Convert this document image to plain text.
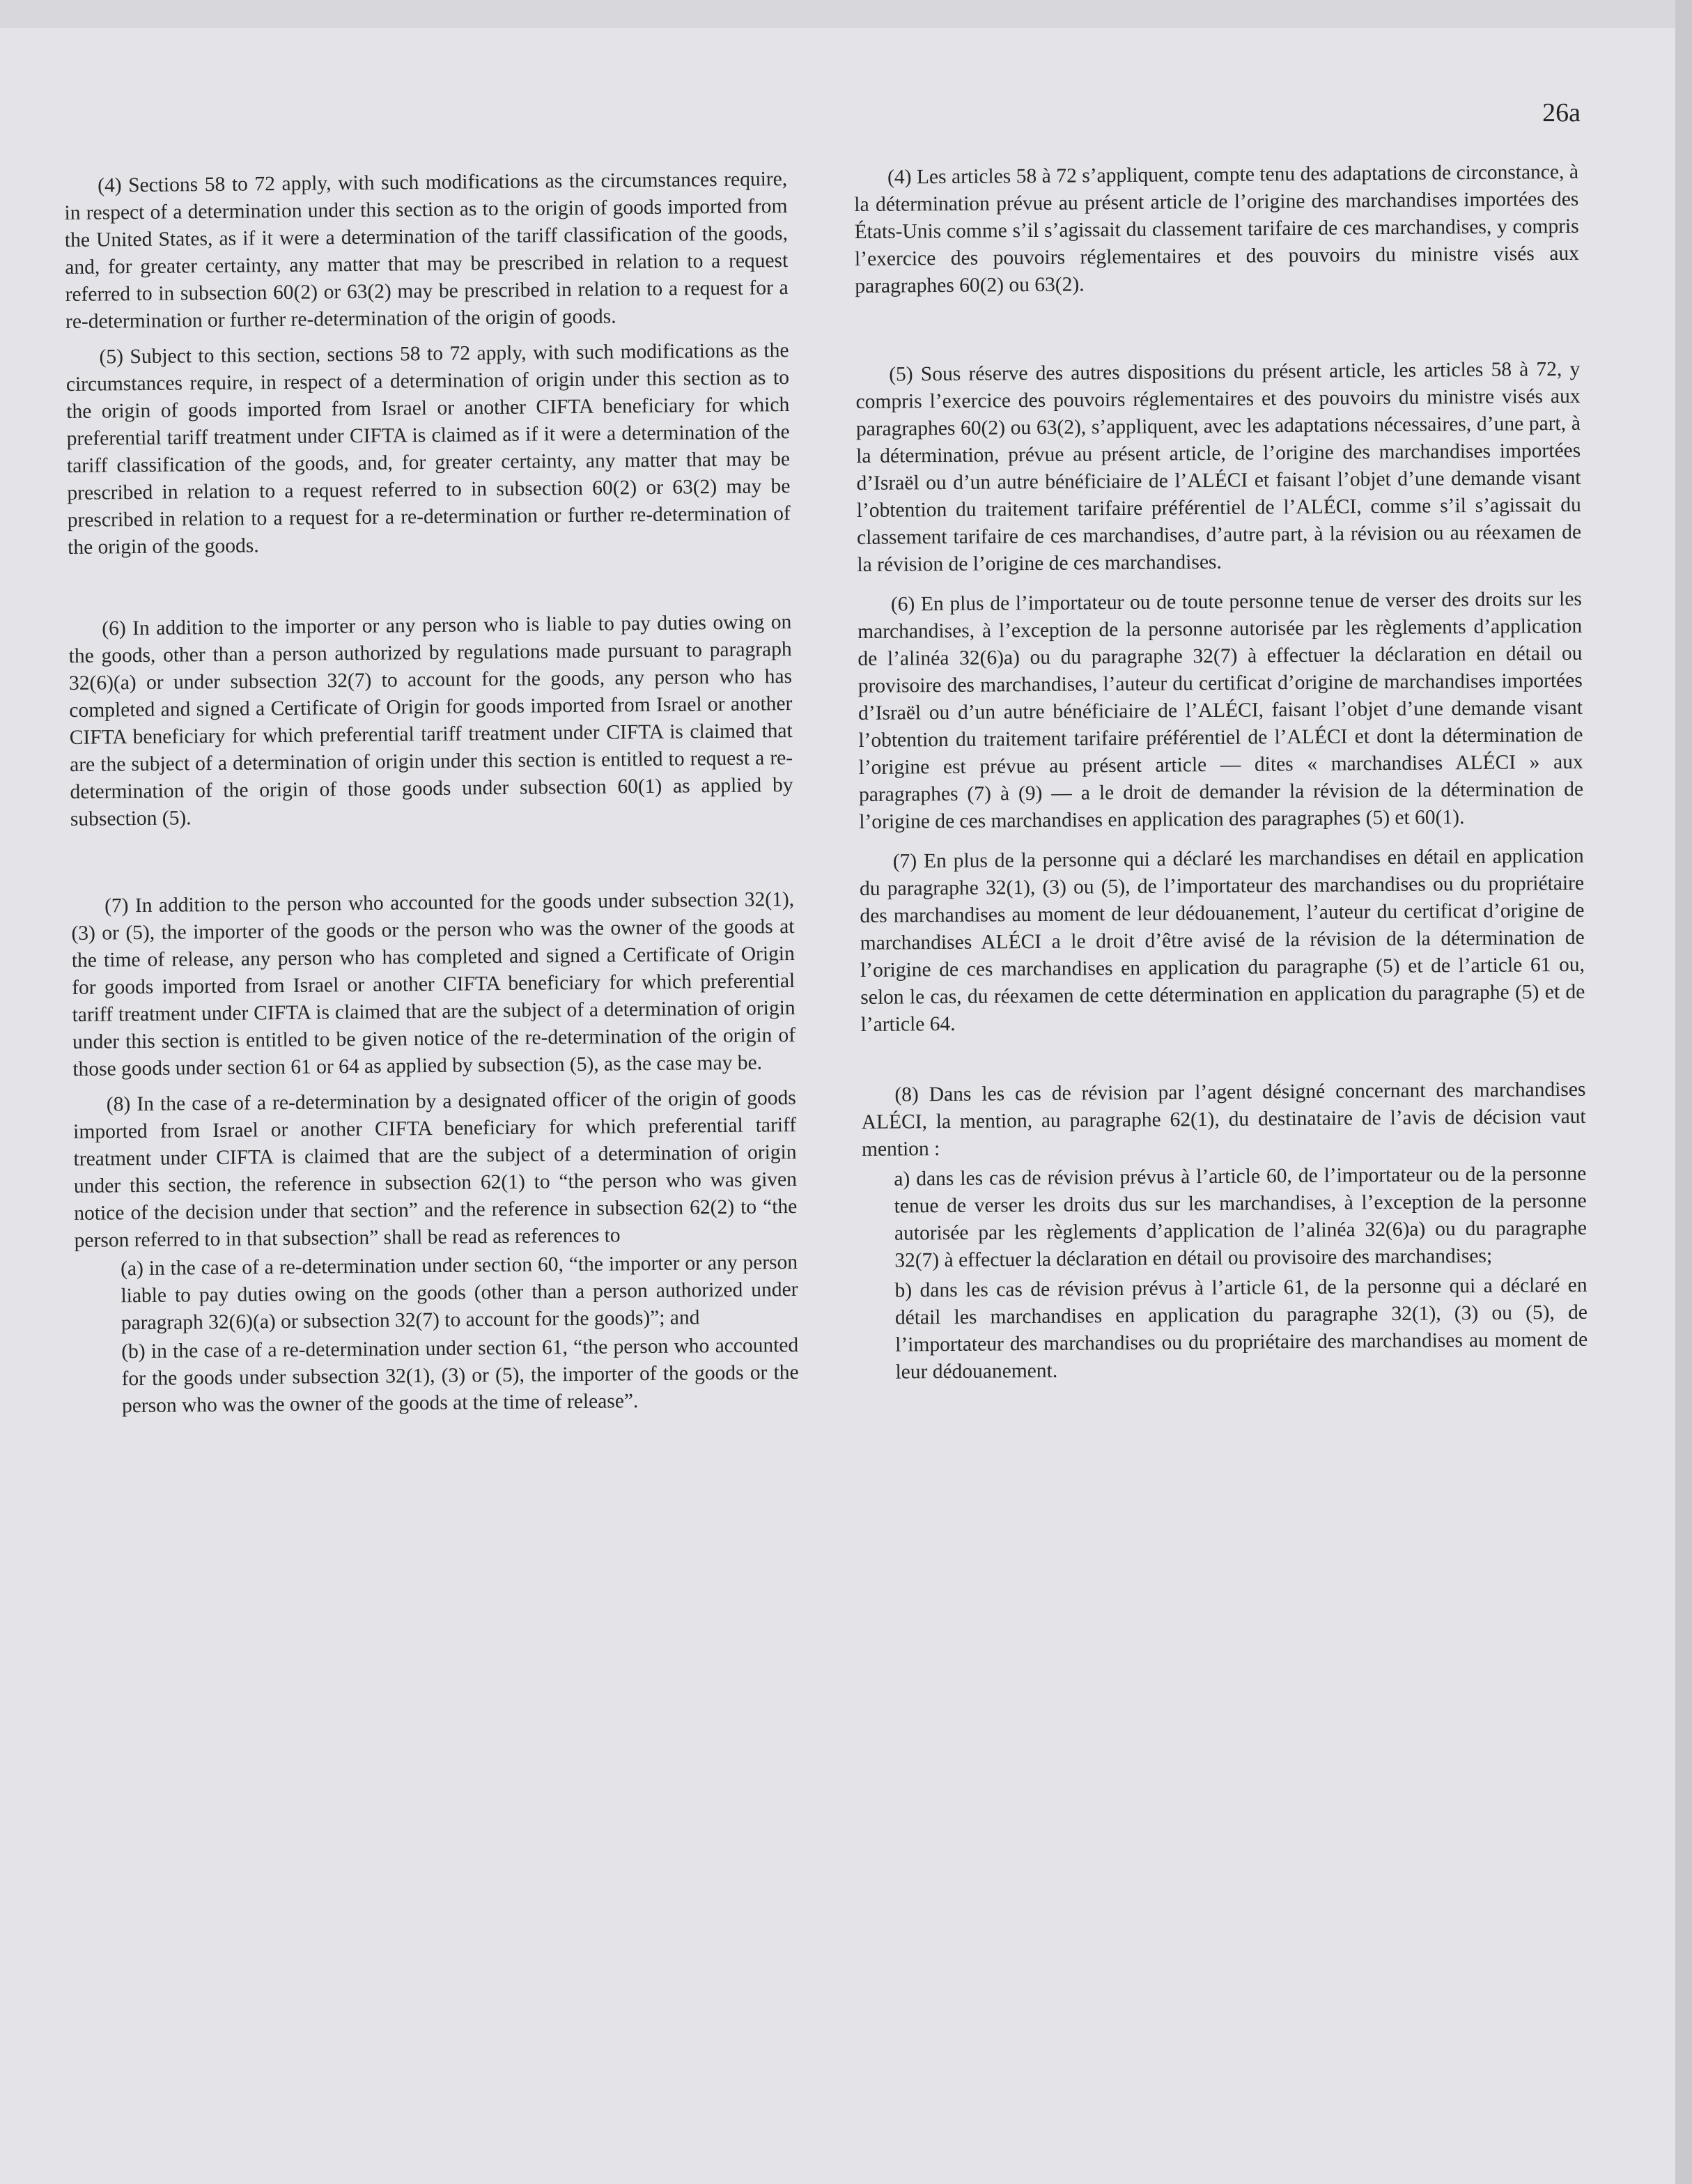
26a

(4) Sections 58 to 72 apply, with such modifications as the circumstances require, in respect of a determination under this section as to the origin of goods imported from the United States, as if it were a determination of the tariff classification of the goods, and, for greater certainty, any matter that may be prescribed in relation to a request referred to in subsection 60(2) or 63(2) may be prescribed in relation to a request for a re-determination or further re-determination of the origin of goods.

(5) Subject to this section, sections 58 to 72 apply, with such modifications as the circumstances require, in respect of a determination of origin under this section as to the origin of goods imported from Israel or another CIFTA beneficiary for which preferential tariff treatment under CIFTA is claimed as if it were a determination of the tariff classification of the goods, and, for greater certainty, any matter that may be prescribed in relation to a request referred to in subsection 60(2) or 63(2) may be prescribed in relation to a request for a re-determination or further re-determination of the origin of the goods.

(6) In addition to the importer or any person who is liable to pay duties owing on the goods, other than a person authorized by regulations made pursuant to paragraph 32(6)(a) or under subsection 32(7) to account for the goods, any person who has completed and signed a Certificate of Origin for goods imported from Israel or another CIFTA beneficiary for which preferential tariff treatment under CIFTA is claimed that are the subject of a determination of origin under this section is entitled to request a re-determination of the origin of those goods under subsection 60(1) as applied by subsection (5).

(7) In addition to the person who accounted for the goods under subsection 32(1), (3) or (5), the importer of the goods or the person who was the owner of the goods at the time of release, any person who has completed and signed a Certificate of Origin for goods imported from Israel or another CIFTA beneficiary for which preferential tariff treatment under CIFTA is claimed that are the subject of a determination of origin under this section is entitled to be given notice of the re-determination of the origin of those goods under section 61 or 64 as applied by subsection (5), as the case may be.

(8) In the case of a re-determination by a designated officer of the origin of goods imported from Israel or another CIFTA beneficiary for which preferential tariff treatment under CIFTA is claimed that are the subject of a determination of origin under this section, the reference in subsection 62(1) to “the person who was given notice of the decision under that section” and the reference in subsection 62(2) to “the person referred to in that subsection” shall be read as references to

(a) in the case of a re-determination under section 60, “the importer or any person liable to pay duties owing on the goods (other than a person authorized under paragraph 32(6)(a) or subsection 32(7) to account for the goods)”; and

(b) in the case of a re-determination under section 61, “the person who accounted for the goods under subsection 32(1), (3) or (5), the importer of the goods or the person who was the owner of the goods at the time of release”.

(4) Les articles 58 à 72 s’appliquent, compte tenu des adaptations de circonstance, à la détermination prévue au présent article de l’origine des marchandises importées des États-Unis comme s’il s’agissait du classement tarifaire de ces marchandises, y compris l’exercice des pouvoirs réglementaires et des pouvoirs du ministre visés aux paragraphes 60(2) ou 63(2).

(5) Sous réserve des autres dispositions du présent article, les articles 58 à 72, y compris l’exercice des pouvoirs réglementaires et des pouvoirs du ministre visés aux paragraphes 60(2) ou 63(2), s’appliquent, avec les adaptations nécessaires, d’une part, à la détermination, prévue au présent article, de l’origine des marchandises importées d’Israël ou d’un autre bénéficiaire de l’ALÉCI et faisant l’objet d’une demande visant l’obtention du traitement tarifaire préférentiel de l’ALÉCI, comme s’il s’agissait du classement tarifaire de ces marchandises, d’autre part, à la révision ou au réexamen de la révision de l’origine de ces marchandises.

(6) En plus de l’importateur ou de toute personne tenue de verser des droits sur les marchandises, à l’exception de la personne autorisée par les règlements d’application de l’alinéa 32(6)a) ou du paragraphe 32(7) à effectuer la déclaration en détail ou provisoire des marchandises, l’auteur du certificat d’origine de marchandises importées d’Israël ou d’un autre bénéficiaire de l’ALÉCI, faisant l’objet d’une demande visant l’obtention du traitement tarifaire préférentiel de l’ALÉCI et dont la détermination de l’origine est prévue au présent article — dites « marchandises ALÉCI » aux paragraphes (7) à (9) — a le droit de demander la révision de la détermination de l’origine de ces marchandises en application des paragraphes (5) et 60(1).

(7) En plus de la personne qui a déclaré les marchandises en détail en application du paragraphe 32(1), (3) ou (5), de l’importateur des marchandises ou du propriétaire des marchandises au moment de leur dédouanement, l’auteur du certificat d’origine de marchandises ALÉCI a le droit d’être avisé de la révision de la détermination de l’origine de ces marchandises en application du paragraphe (5) et de l’article 61 ou, selon le cas, du réexamen de cette détermination en application du paragraphe (5) et de l’article 64.

(8) Dans les cas de révision par l’agent désigné concernant des marchandises ALÉCI, la mention, au paragraphe 62(1), du destinataire de l’avis de décision vaut mention :

a) dans les cas de révision prévus à l’article 60, de l’importateur ou de la personne tenue de verser les droits dus sur les marchandises, à l’exception de la personne autorisée par les règlements d’application de l’alinéa 32(6)a) ou du paragraphe 32(7) à effectuer la déclaration en détail ou provisoire des marchandises;

b) dans les cas de révision prévus à l’article 61, de la personne qui a déclaré en détail les marchandises en application du paragraphe 32(1), (3) ou (5), de l’importateur des marchandises ou du propriétaire des marchandises au moment de leur dédouanement.
